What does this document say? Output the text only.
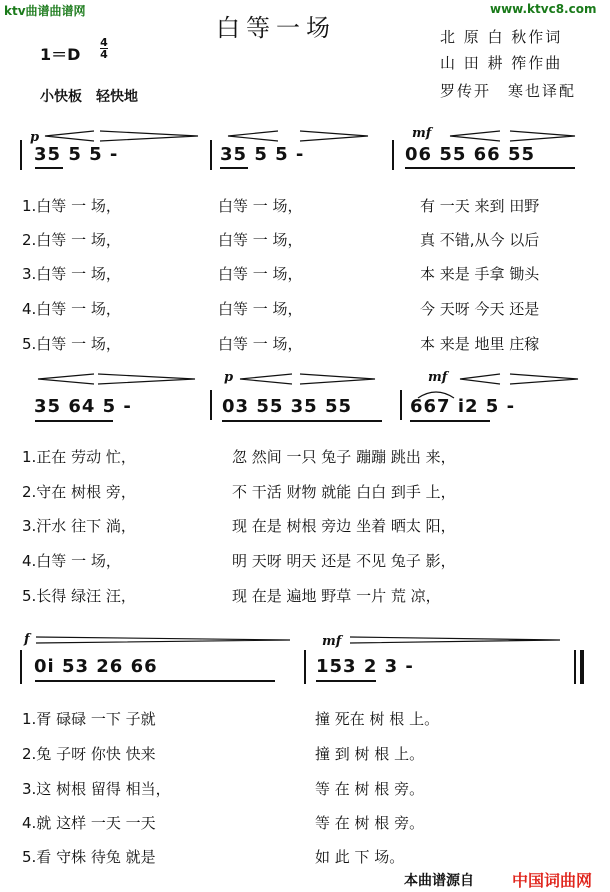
ktv曲谱曲谱网	www.ktvc8.com
白等一场	北 原 白 秋作词
山 田 耕 筰作曲
罗传开　寒也译配
1＝D
4
4
小快板　轻快地
p	mf
35 5 5 -	35 5 5 -	06 55 66 55
1.白等 一 场，	白等 一 场，	有 一天 来到 田野
2.白等 一 场，	白等 一 场，	真 不错,从今 以后
3.白等 一 场，	白等 一 场，	本 来是 手拿 锄头
4.白等 一 场，	白等 一 场，	今 天呀 今天 还是
5.白等 一 场，	白等 一 场，	本 来是 地里 庄稼
p	mf
35 64 5 -	03 55 35 55	667 i2 5 -
1.正在 劳动 忙，	忽 然间 一只 兔子 蹦蹦 跳出 来，
2.守在 树根 旁，	不 干活 财物 就能 白白 到手 上，
3.汗水 往下 淌，	现 在是 树根 旁边 坐着 晒太 阳，
4.白等 一 场，	明 天呀 明天 还是 不见 兔子 影，
5.长得 绿汪 汪，	现 在是 遍地 野草 一片 荒 凉，
f	mf
0i 53 26 66	153 2 3 -
1.胥 碌碌 一下 子就	撞 死在 树 根 上。
2.兔 子呀 你快 快来	撞 到 树 根 上。
3.这 树根 留得 相当，	等 在 树 根 旁。
4.就 这样 一天 一天	等 在 树 根 旁。
5.看 守株 待兔 就是	如 此 下 场。
本曲谱源自 中国词曲网
